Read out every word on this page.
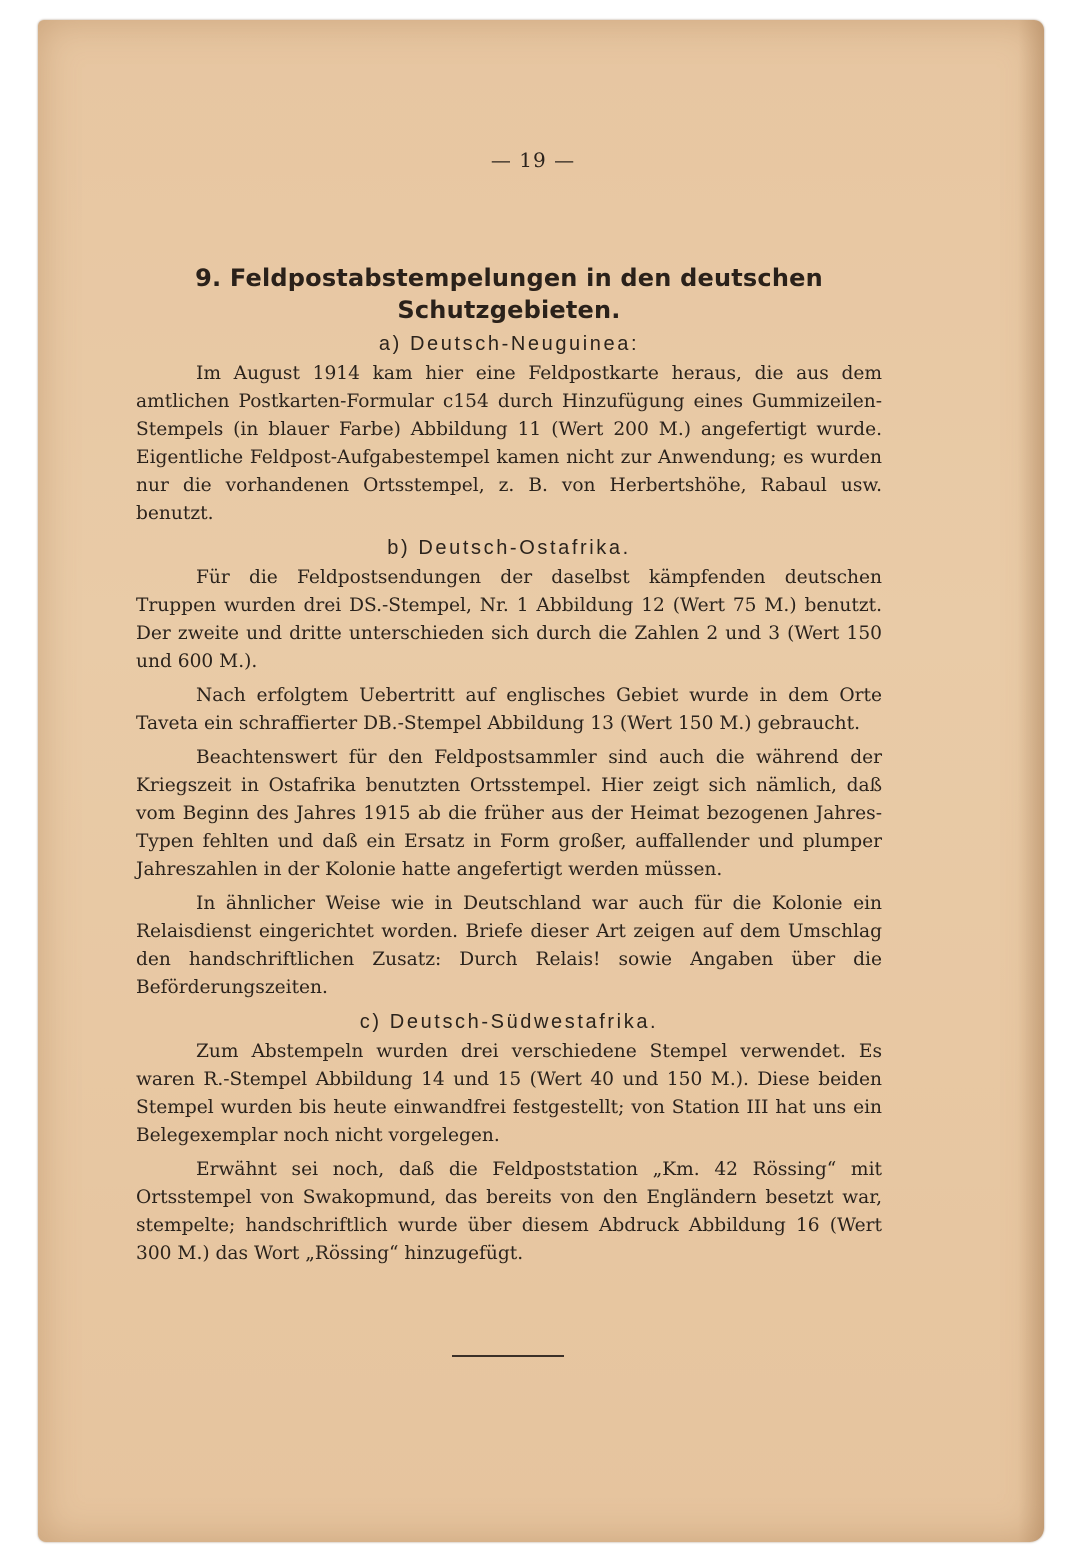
— 19 —
9. Feldpostabstempelungen in den deutschen Schutzgebieten.
a) Deutsch-Neuguinea:

Im August 1914 kam hier eine Feldpostkarte heraus, die aus dem amtlichen Postkarten-Formular c154 durch Hinzufügung eines Gummizeilen-Stempels (in blauer Farbe) Abbildung 11 (Wert 200 M.) angefertigt wurde. Eigentliche Feldpost-Aufgabestempel kamen nicht zur Anwendung; es wurden nur die vorhandenen Ortsstempel, z. B. von Herbertshöhe, Rabaul usw. benutzt.

b) Deutsch-Ostafrika.

Für die Feldpostsendungen der daselbst kämpfenden deutschen Truppen wurden drei DS.-Stempel, Nr. 1 Abbildung 12 (Wert 75 M.) benutzt. Der zweite und dritte unterschieden sich durch die Zahlen 2 und 3 (Wert 150 und 600 M.).

Nach erfolgtem Uebertritt auf englisches Gebiet wurde in dem Orte Taveta ein schraffierter DB.-Stempel Abbildung 13 (Wert 150 M.) gebraucht.

Beachtenswert für den Feldpostsammler sind auch die während der Kriegszeit in Ostafrika benutzten Ortsstempel. Hier zeigt sich nämlich, daß vom Beginn des Jahres 1915 ab die früher aus der Heimat bezogenen Jahres-Typen fehlten und daß ein Ersatz in Form großer, auffallender und plumper Jahreszahlen in der Kolonie hatte angefertigt werden müssen.

In ähnlicher Weise wie in Deutschland war auch für die Kolonie ein Relaisdienst eingerichtet worden. Briefe dieser Art zeigen auf dem Umschlag den handschriftlichen Zusatz: Durch Relais! sowie Angaben über die Beförderungszeiten.

c) Deutsch-Südwestafrika.

Zum Abstempeln wurden drei verschiedene Stempel verwendet. Es waren R.-Stempel Abbildung 14 und 15 (Wert 40 und 150 M.). Diese beiden Stempel wurden bis heute einwandfrei festgestellt; von Station III hat uns ein Belegexemplar noch nicht vorgelegen.

Erwähnt sei noch, daß die Feldpoststation „Km. 42 Rössing“ mit Ortsstempel von Swakopmund, das bereits von den Engländern besetzt war, stempelte; handschriftlich wurde über diesem Abdruck Abbildung 16 (Wert 300 M.) das Wort „Rössing“ hinzugefügt.
